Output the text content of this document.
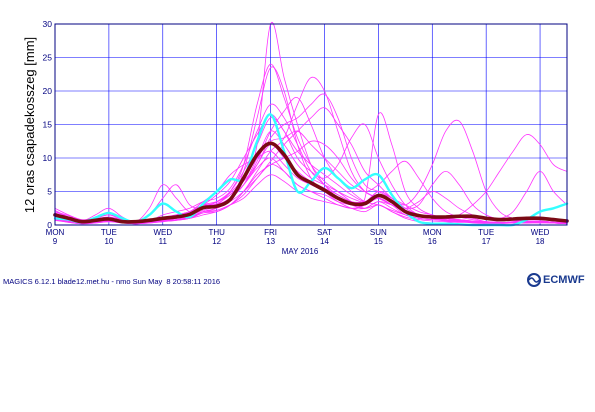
0
5
10
15
20
25
30
MON
9
TUE
10
WED
11
THU
12
FRI
13
SAT
14
SUN
15
MON
16
TUE
17
WED
18
MAY 2016
12 oras csapadekosszeg [mm]
MAGICS 6.12.1 blade12.met.hu - nmo Sun May  8 20:58:11 2016	ECMWF
